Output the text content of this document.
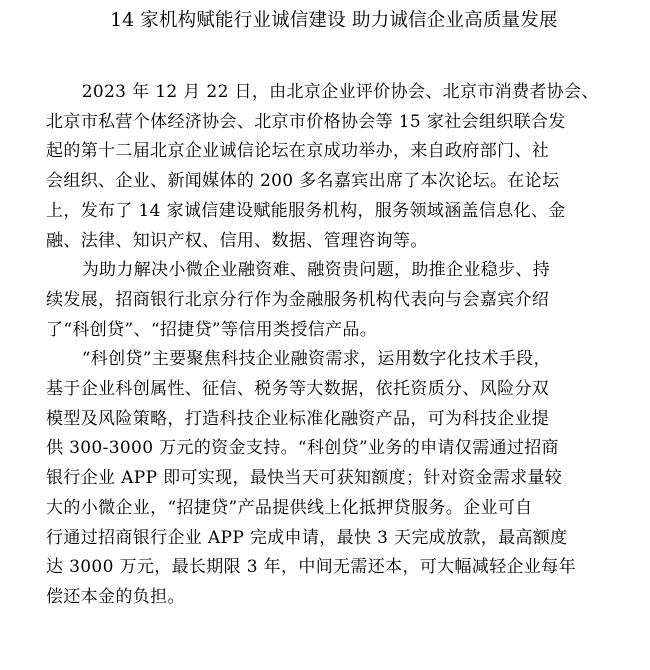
14 家机构赋能行业诚信建设 助力诚信企业高质量发展

2023 年 12 月 22 日，由北京企业评价协会、北京市消费者协会、
北京市私营个体经济协会、北京市价格协会等 15 家社会组织联合发
起的第十二届北京企业诚信论坛在京成功举办，来自政府部门、社
会组织、企业、新闻媒体的 200 多名嘉宾出席了本次论坛。在论坛
上，发布了 14 家诚信建设赋能服务机构，服务领域涵盖信息化、金
融、法律、知识产权、信用、数据、管理咨询等。

为助力解决小微企业融资难、融资贵问题，助推企业稳步、持
续发展，招商银行北京分行作为金融服务机构代表向与会嘉宾介绍
了“科创贷”、“招捷贷”等信用类授信产品。

“科创贷”主要聚焦科技企业融资需求，运用数字化技术手段，
基于企业科创属性、征信、税务等大数据，依托资质分、风险分双
模型及风险策略，打造科技企业标准化融资产品，可为科技企业提
供 300-3000 万元的资金支持。“科创贷”业务的申请仅需通过招商
银行企业 APP 即可实现，最快当天可获知额度；针对资金需求量较
大的小微企业，“招捷贷”产品提供线上化抵押贷服务。企业可自
行通过招商银行企业 APP 完成申请，最快 3 天完成放款，最高额度
达 3000 万元，最长期限 3 年，中间无需还本，可大幅减轻企业每年
偿还本金的负担。
